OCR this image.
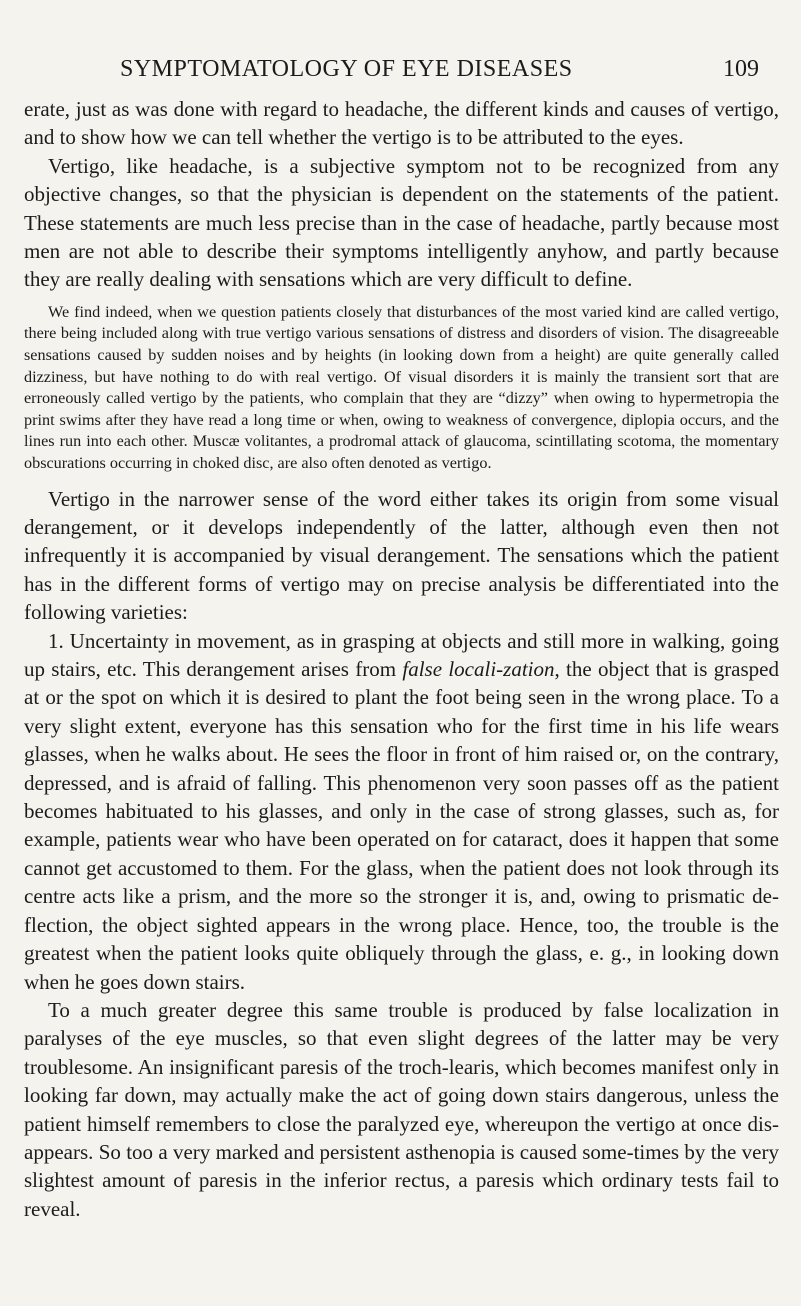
SYMPTOMATOLOGY OF EYE DISEASES	109

erate, just as was done with regard to headache, the different kinds and causes of vertigo, and to show how we can tell whether the vertigo is to be attributed to the eyes.

Vertigo, like headache, is a subjective symptom not to be recognized from any objective changes, so that the physician is dependent on the statements of the patient. These statements are much less precise than in the case of headache, partly because most men are not able to describe their symptoms intelligently anyhow, and partly because they are really dealing with sensations which are very difficult to define.

We find indeed, when we question patients closely that disturbances of the most varied kind are called vertigo, there being included along with true vertigo various sensations of distress and disorders of vision. The disagreeable sensations caused by sudden noises and by heights (in looking down from a height) are quite generally called dizziness, but have nothing to do with real vertigo. Of visual disorders it is mainly the transient sort that are erroneously called vertigo by the patients, who complain that they are “dizzy” when owing to hypermetropia the print swims after they have read a long time or when, owing to weakness of convergence, diplopia occurs, and the lines run into each other. Muscæ volitantes, a prodromal attack of glaucoma, scintillating scotoma, the momentary obscurations occurring in choked disc, are also often denoted as vertigo.

Vertigo in the narrower sense of the word either takes its origin from some visual derangement, or it develops independently of the latter, although even then not infrequently it is accompanied by visual derangement. The sensations which the patient has in the different forms of vertigo may on precise analysis be differentiated into the following varieties:

1. Uncertainty in movement, as in grasping at objects and still more in walking, going up stairs, etc. This derangement arises from false locali-zation, the object that is grasped at or the spot on which it is desired to plant the foot being seen in the wrong place. To a very slight extent, everyone has this sensation who for the first time in his life wears glasses, when he walks about. He sees the floor in front of him raised or, on the contrary, depressed, and is afraid of falling. This phenomenon very soon passes off as the patient becomes habituated to his glasses, and only in the case of strong glasses, such as, for example, patients wear who have been operated on for cataract, does it happen that some cannot get accustomed to them. For the glass, when the patient does not look through its centre acts like a prism, and the more so the stronger it is, and, owing to prismatic de-flection, the object sighted appears in the wrong place. Hence, too, the trouble is the greatest when the patient looks quite obliquely through the glass, e. g., in looking down when he goes down stairs.

To a much greater degree this same trouble is produced by false localization in paralyses of the eye muscles, so that even slight degrees of the latter may be very troublesome. An insignificant paresis of the troch-learis, which becomes manifest only in looking far down, may actually make the act of going down stairs dangerous, unless the patient himself remembers to close the paralyzed eye, whereupon the vertigo at once dis-appears. So too a very marked and persistent asthenopia is caused some-times by the very slightest amount of paresis in the inferior rectus, a paresis which ordinary tests fail to reveal.
